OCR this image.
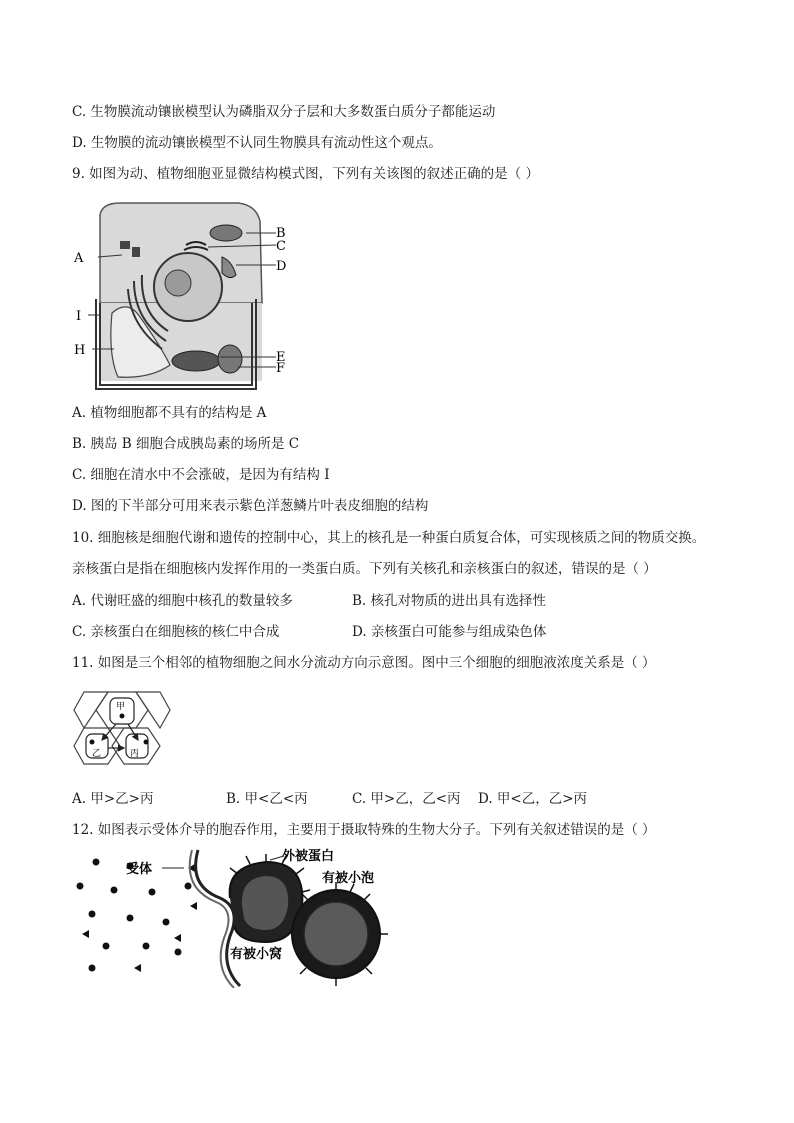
C. 生物膜流动镶嵌模型认为磷脂双分子层和大多数蛋白质分子都能运动
D. 生物膜的流动镶嵌模型不认同生物膜具有流动性这个观点。
9. 如图为动、植物细胞亚显微结构模式图，下列有关该图的叙述正确的是（ ）
A
B
C
D
E
F
H
I
A. 植物细胞都不具有的结构是 A
B. 胰岛 B 细胞合成胰岛素的场所是 C
C. 细胞在清水中不会涨破，是因为有结构 I
D. 图的下半部分可用来表示紫色洋葱鳞片叶表皮细胞的结构
10. 细胞核是细胞代谢和遗传的控制中心，其上的核孔是一种蛋白质复合体，可实现核质之间的物质交换。
亲核蛋白是指在细胞核内发挥作用的一类蛋白质。下列有关核孔和亲核蛋白的叙述，错误的是（ ）
A. 代谢旺盛的细胞中核孔的数量较多	B. 核孔对物质的进出具有选择性
C. 亲核蛋白在细胞核的核仁中合成	D. 亲核蛋白可能参与组成染色体
11. 如图是三个相邻的植物细胞之间水分流动方向示意图。图中三个细胞的细胞液浓度关系是（ ）
甲
乙	丙
A. 甲>乙>丙	B. 甲<乙<丙	C. 甲>乙，乙<丙 D. 甲<乙，乙>丙
12. 如图表示受体介导的胞吞作用，主要用于摄取特殊的生物大分子。下列有关叙述错误的是（ ）
受体
外被蛋白
有被小泡
有被小窝
